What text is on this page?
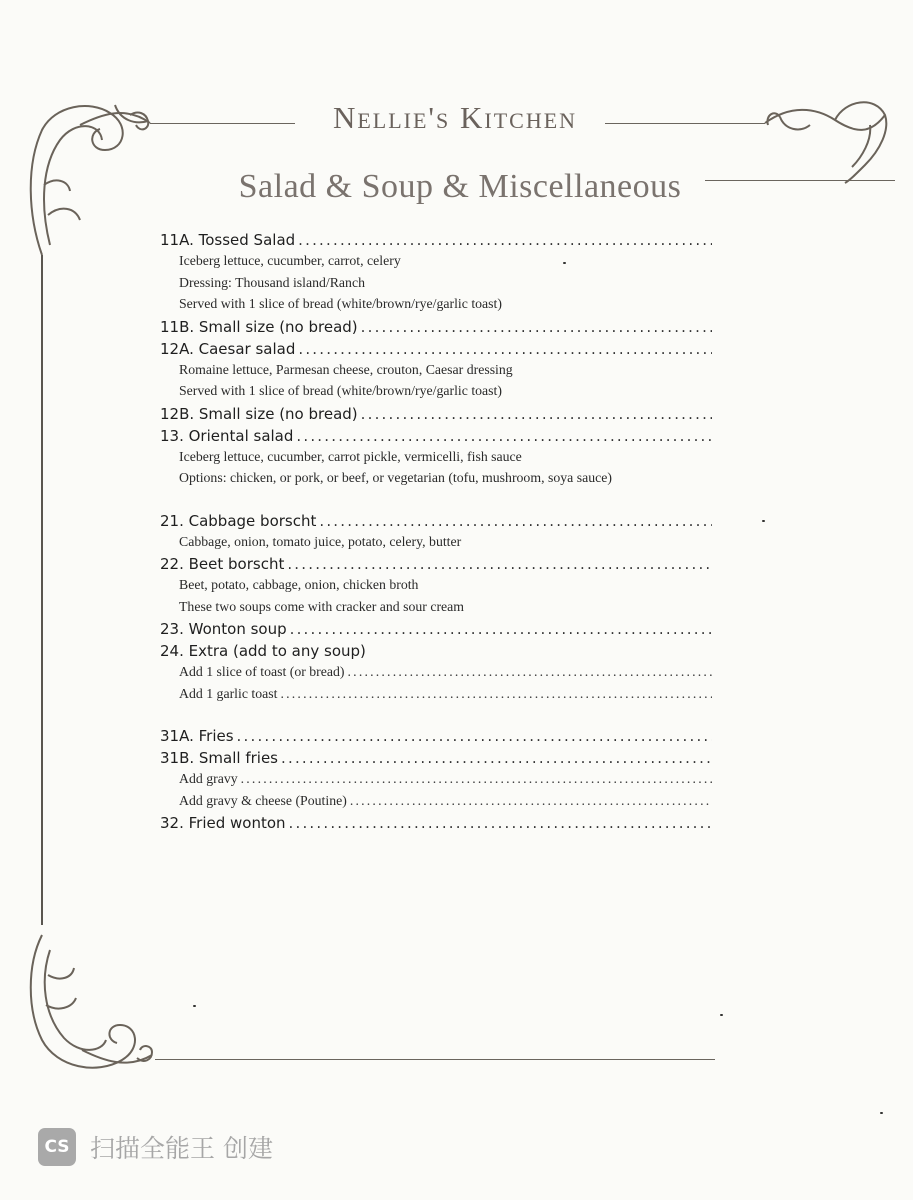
Nellie's Kitchen
Salad & Soup & Miscellaneous
11A. Tossed Salad
.....
Iceberg lettuce, cucumber, carrot, celery
Dressing: Thousand island/Ranch
Served with 1 slice of bread (white/brown/rye/garlic toast)
11B. Small size (no bread)
.....
12A. Caesar salad
.....
Romaine lettuce, Parmesan cheese, crouton, Caesar dressing
Served with 1 slice of bread (white/brown/rye/garlic toast)
12B. Small size (no bread)
.....
13. Oriental salad
.....
Iceberg lettuce, cucumber, carrot pickle, vermicelli, fish sauce
Options: chicken, or pork, or beef, or vegetarian (tofu, mushroom, soya sauce)
21. Cabbage borscht
.....
Cabbage, onion, tomato juice, potato, celery, butter
22. Beet borscht
.....
Beet, potato, cabbage, onion, chicken broth
These two soups come with cracker and sour cream
23. Wonton soup
.....
24. Extra (add to any soup)
Add 1 slice of toast (or bread)
.....
Add 1 garlic toast
.....
31A. Fries
.....
31B. Small fries
.....
Add gravy
.....
Add gravy & cheese (Poutine)
.....
32. Fried wonton
.....
CS 扫描全能王 创建
